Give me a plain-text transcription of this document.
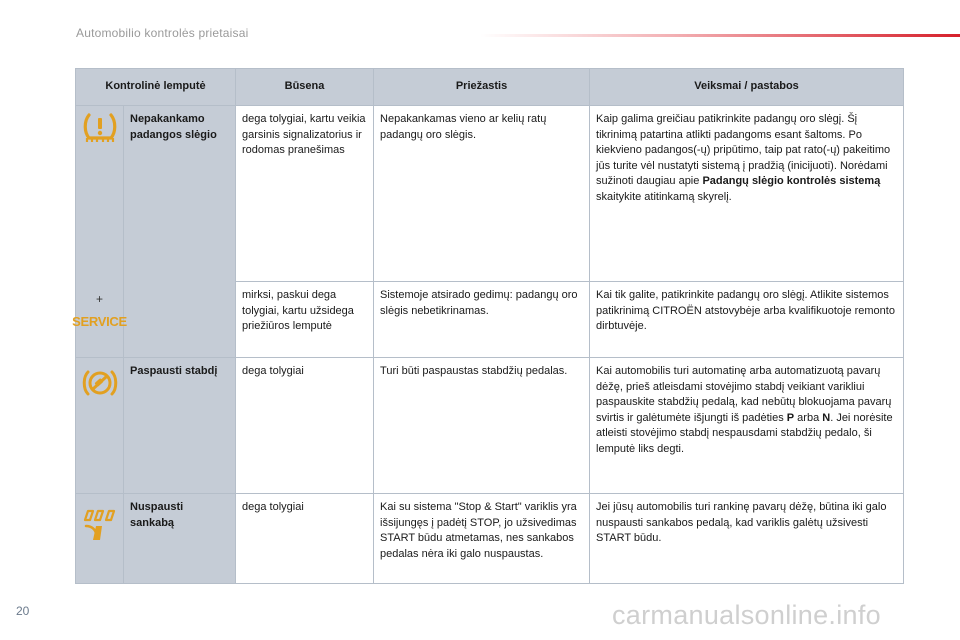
Automobilio kontrolės prietaisai
Kontrolinė lemputė		Būsena	Priežastis	Veiksmai / pastabos

+
SERVICE	Nepakankamo padangos slėgio	dega tolygiai, kartu veikia garsinis signalizatorius ir rodomas pranešimas	Nepakankamas vieno ar kelių ratų padangų oro slėgis.	Kaip galima greičiau patikrinkite padangų oro slėgį. Šį tikrinimą patartina atlikti padangoms esant šaltoms. Po kiekvieno padangos(-ų) pripūtimo, taip pat rato(-ų) pakeitimo jūs turite vėl nustatyti sistemą į pradžią (inicijuoti). Norėdami sužinoti daugiau apie Padangų slėgio kontrolės sistemą skaitykite atitinkamą skyrelį.
		mirksi, paskui dega tolygiai, kartu užsidega priežiūros lemputė	Sistemoje atsirado gedimų: padangų oro slėgis nebetikrinamas.	Kai tik galite, patikrinkite padangų oro slėgį. Atlikite sistemos patikrinimą CITROËN atstovybėje arba kvalifikuotoje remonto dirbtuvėje.

	Paspausti stabdį	dega tolygiai	Turi būti paspaustas stabdžių pedalas.	Kai automobilis turi automatinę arba automatizuotą pavarų dėžę, prieš atleisdami stovėjimo stabdį veikiant varikliui paspauskite stabdžių pedalą, kad nebūtų blokuojama pavarų svirtis ir galėtumėte išjungti iš padėties P arba N. Jei norėsite atleisti stovėjimo stabdį nespausdami stabdžių pedalo, ši lemputė liks degti.

	Nuspausti sankabą	dega tolygiai	Kai su sistema "Stop & Start" variklis yra išsijungęs į padėtį STOP, jo užsivedimas START būdu atmetamas, nes sankabos pedalas nėra iki galo nuspaustas.	Jei jūsų automobilis turi rankinę pavarų dėžę, būtina iki galo nuspausti sankabos pedalą, kad variklis galėtų užsivesti START būdu.
20	carmanualsonline.info
